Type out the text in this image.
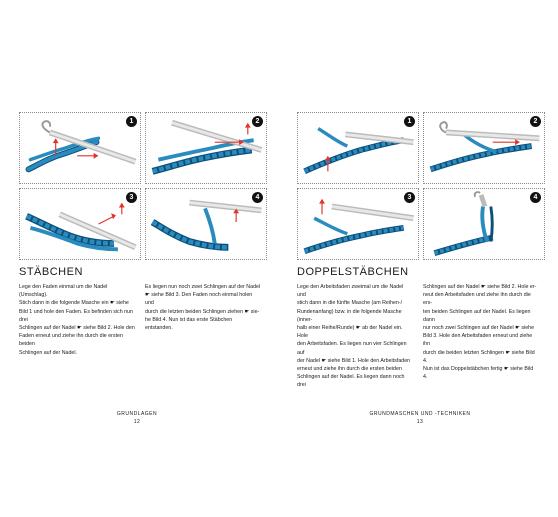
1	2
3	4
1	2
3	4
STÄBCHEN

Lege den Faden einmal um die Nadel (Umschlag).

Stich dann in die folgende Masche ein ☛ siehe

Bild 1 und hole den Faden. Es befinden sich nun drei

Schlingen auf der Nadel ☛ siehe Bild 2. Hole den

Faden erneut und ziehe ihn durch die ersten beiden

Schlingen auf der Nadel.

Es liegen nun noch zwei Schlingen auf der Nadel

☛ siehe Bild 3. Den Faden noch einmal holen und

durch die letzten beiden Schlingen ziehen ☛ sie-

he Bild 4. Nun ist das erste Stäbchen entstanden.

GRUNDLAGEN
12
DOPPELSTÄBCHEN

Lege den Arbeitsfaden zweimal um die Nadel und

stich dann in die fünfte Masche (am Reihen-/

Rundenanfang) bzw. in die folgende Masche (inner-

halb einer Reihe/Runde) ☛ ab der Nadel ein. Hole

den Arbeitsfaden. Es liegen nun vier Schlingen auf

der Nadel ☛ siehe Bild 1. Hole den Arbeitsfaden

erneut und ziehe ihn durch die ersten beiden

Schlingen auf der Nadel. Es liegen dann noch drei

Schlingen auf der Nadel ☛ siehe Bild 2. Hole er-

neut den Arbeitsfaden und ziehe ihn durch die ers-

ten beiden Schlingen auf der Nadel. Es liegen dann

nur noch zwei Schlingen auf der Nadel ☛ siehe

Bild 3. Hole den Arbeitsfaden erneut und ziehe ihn

durch die beiden letzten Schlingen ☛ siehe Bild 4.

Nun ist das Doppelstäbchen fertig ☛ siehe Bild 4.

GRUNDMASCHEN UND -TECHNIKEN
13
